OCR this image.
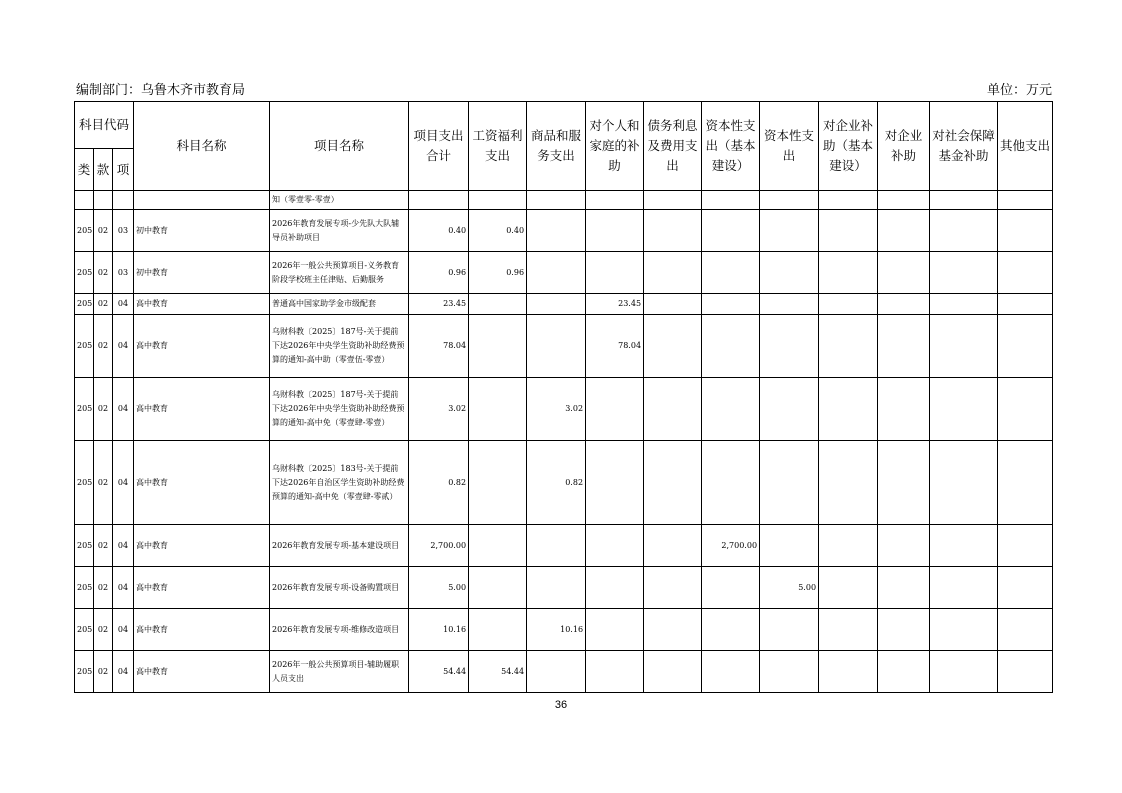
编制部门：乌鲁木齐市教育局	单位：万元
科目代码			科目名称	项目名称	项目支出合计	工资福利支出	商品和服务支出	对个人和家庭的补助	债务利息及费用支出	资本性支出（基本建设）	资本性支出	对企业补助（基本建设）	对企业补助	对社会保障基金补助	其他支出
类	款	项													
				知（零壹零-零壹）											
205	02	03	初中教育	2026年教育发展专项-少先队大队辅导员补助项目	0.40	0.40									
205	02	03	初中教育	2026年一般公共预算项目-义务教育阶段学校班主任津贴、后勤服务	0.96	0.96									
205	02	04	高中教育	普通高中国家助学金市级配套	23.45			23.45							
205	02	04	高中教育	乌财科教〔2025〕187号-关于提前下达2026年中央学生资助补助经费预算的通知-高中助（零壹伍-零壹）	78.04			78.04							
205	02	04	高中教育	乌财科教〔2025〕187号-关于提前下达2026年中央学生资助补助经费预算的通知-高中免（零壹肆-零壹）	3.02		3.02								
205	02	04	高中教育	乌财科教〔2025〕183号-关于提前下达2026年自治区学生资助补助经费预算的通知-高中免（零壹肆-零贰）	0.82		0.82								
205	02	04	高中教育	2026年教育发展专项-基本建设项目	2,700.00					2,700.00					
205	02	04	高中教育	2026年教育发展专项-设备购置项目	5.00						5.00				
205	02	04	高中教育	2026年教育发展专项-维修改造项目	10.16		10.16								
205	02	04	高中教育	2026年一般公共预算项目-辅助履职人员支出	54.44	54.44									
36
